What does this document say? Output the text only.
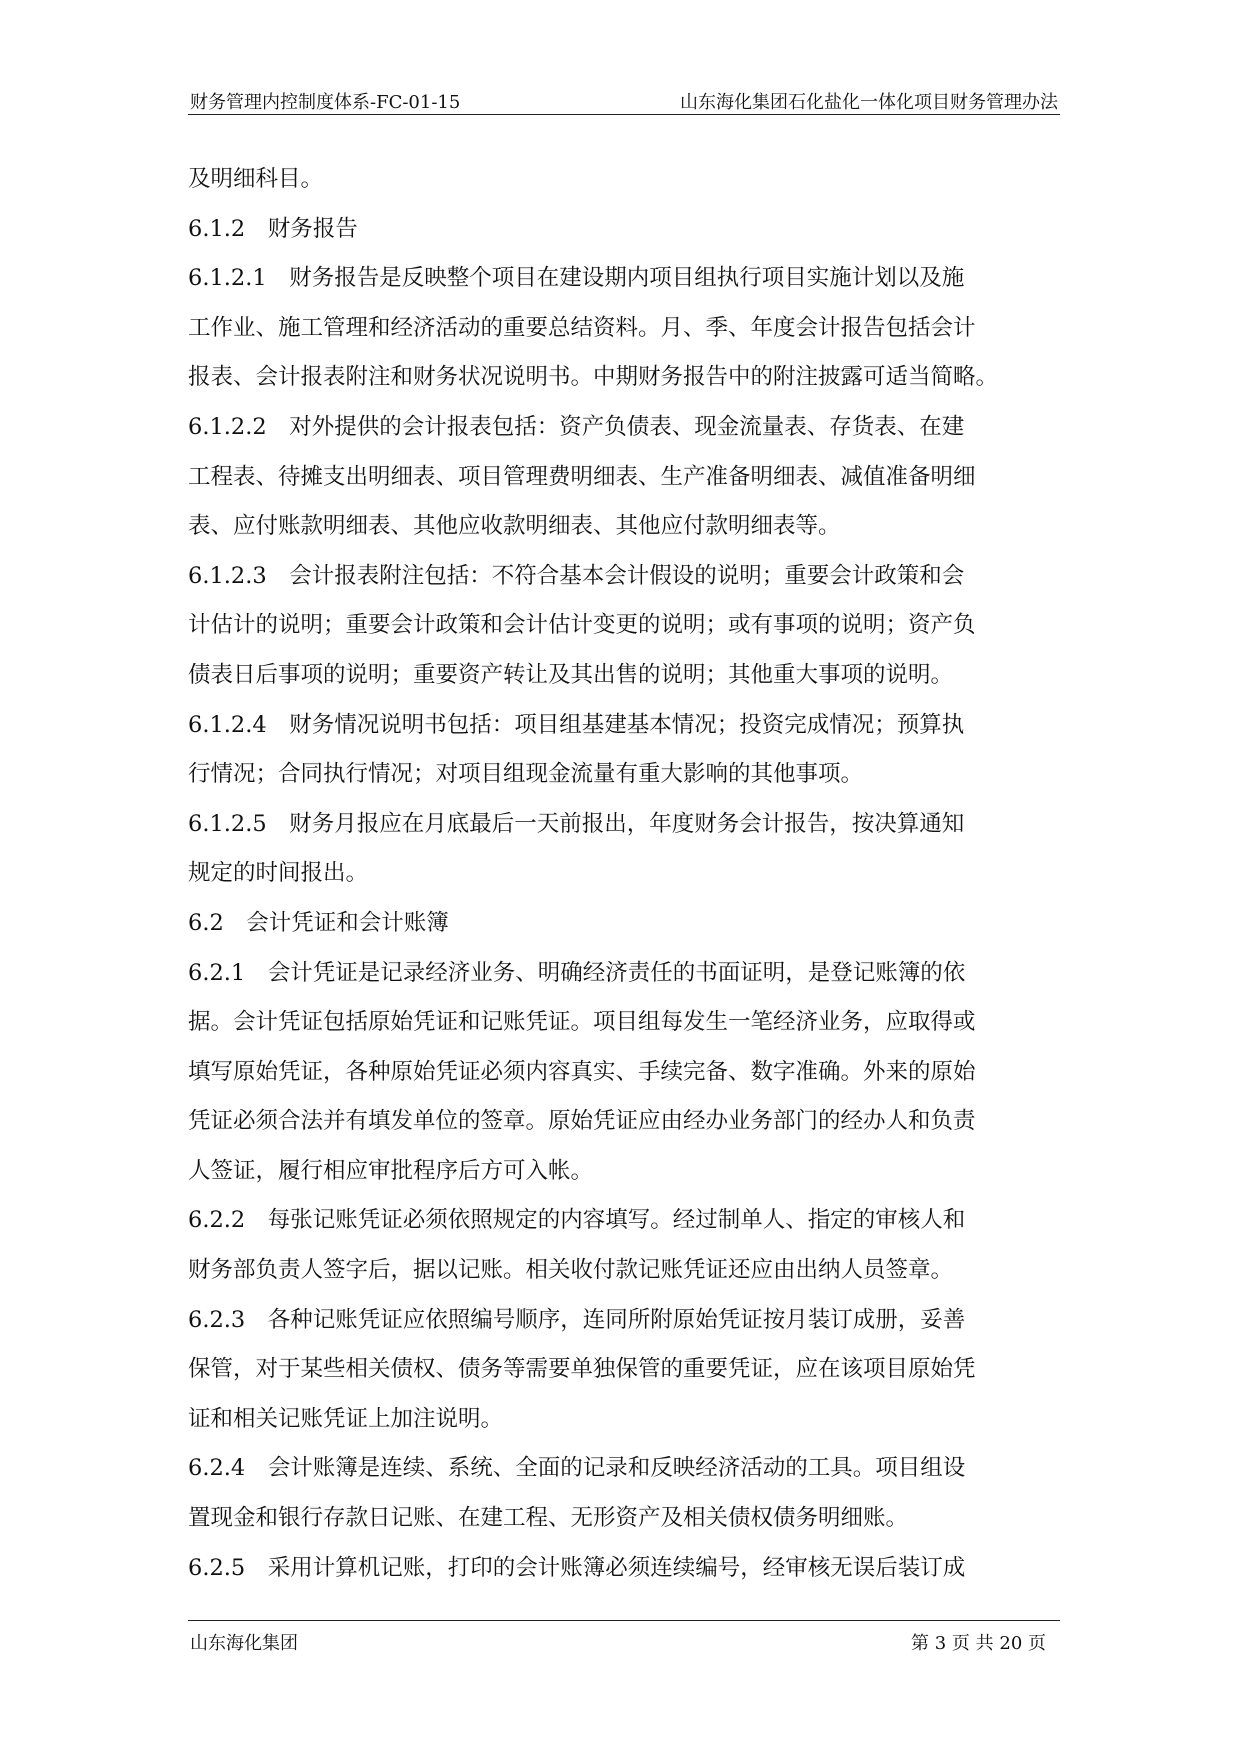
财务管理内控制度体系-FC-01-15	山东海化集团石化盐化一体化项目财务管理办法
及明细科目。
6.1.2　财务报告
6.1.2.1　财务报告是反映整个项目在建设期内项目组执行项目实施计划以及施
工作业、施工管理和经济活动的重要总结资料。月、季、年度会计报告包括会计
报表、会计报表附注和财务状况说明书。中期财务报告中的附注披露可适当简略。
6.1.2.2　对外提供的会计报表包括：资产负债表、现金流量表、存货表、在建
工程表、待摊支出明细表、项目管理费明细表、生产准备明细表、减值准备明细
表、应付账款明细表、其他应收款明细表、其他应付款明细表等。
6.1.2.3　会计报表附注包括：不符合基本会计假设的说明；重要会计政策和会
计估计的说明；重要会计政策和会计估计变更的说明；或有事项的说明；资产负
债表日后事项的说明；重要资产转让及其出售的说明；其他重大事项的说明。
6.1.2.4　财务情况说明书包括：项目组基建基本情况；投资完成情况；预算执
行情况；合同执行情况；对项目组现金流量有重大影响的其他事项。
6.1.2.5　财务月报应在月底最后一天前报出，年度财务会计报告，按决算通知
规定的时间报出。
6.2　会计凭证和会计账簿
6.2.1　会计凭证是记录经济业务、明确经济责任的书面证明，是登记账簿的依
据。会计凭证包括原始凭证和记账凭证。项目组每发生一笔经济业务，应取得或
填写原始凭证，各种原始凭证必须内容真实、手续完备、数字准确。外来的原始
凭证必须合法并有填发单位的签章。原始凭证应由经办业务部门的经办人和负责
人签证，履行相应审批程序后方可入帐。
6.2.2　每张记账凭证必须依照规定的内容填写。经过制单人、指定的审核人和
财务部负责人签字后，据以记账。相关收付款记账凭证还应由出纳人员签章。
6.2.3　各种记账凭证应依照编号顺序，连同所附原始凭证按月装订成册，妥善
保管，对于某些相关债权、债务等需要单独保管的重要凭证，应在该项目原始凭
证和相关记账凭证上加注说明。
6.2.4　会计账簿是连续、系统、全面的记录和反映经济活动的工具。项目组设
置现金和银行存款日记账、在建工程、无形资产及相关债权债务明细账。
6.2.5　采用计算机记账，打印的会计账簿必须连续编号，经审核无误后装订成
山东海化集团	第 3 页 共 20 页
